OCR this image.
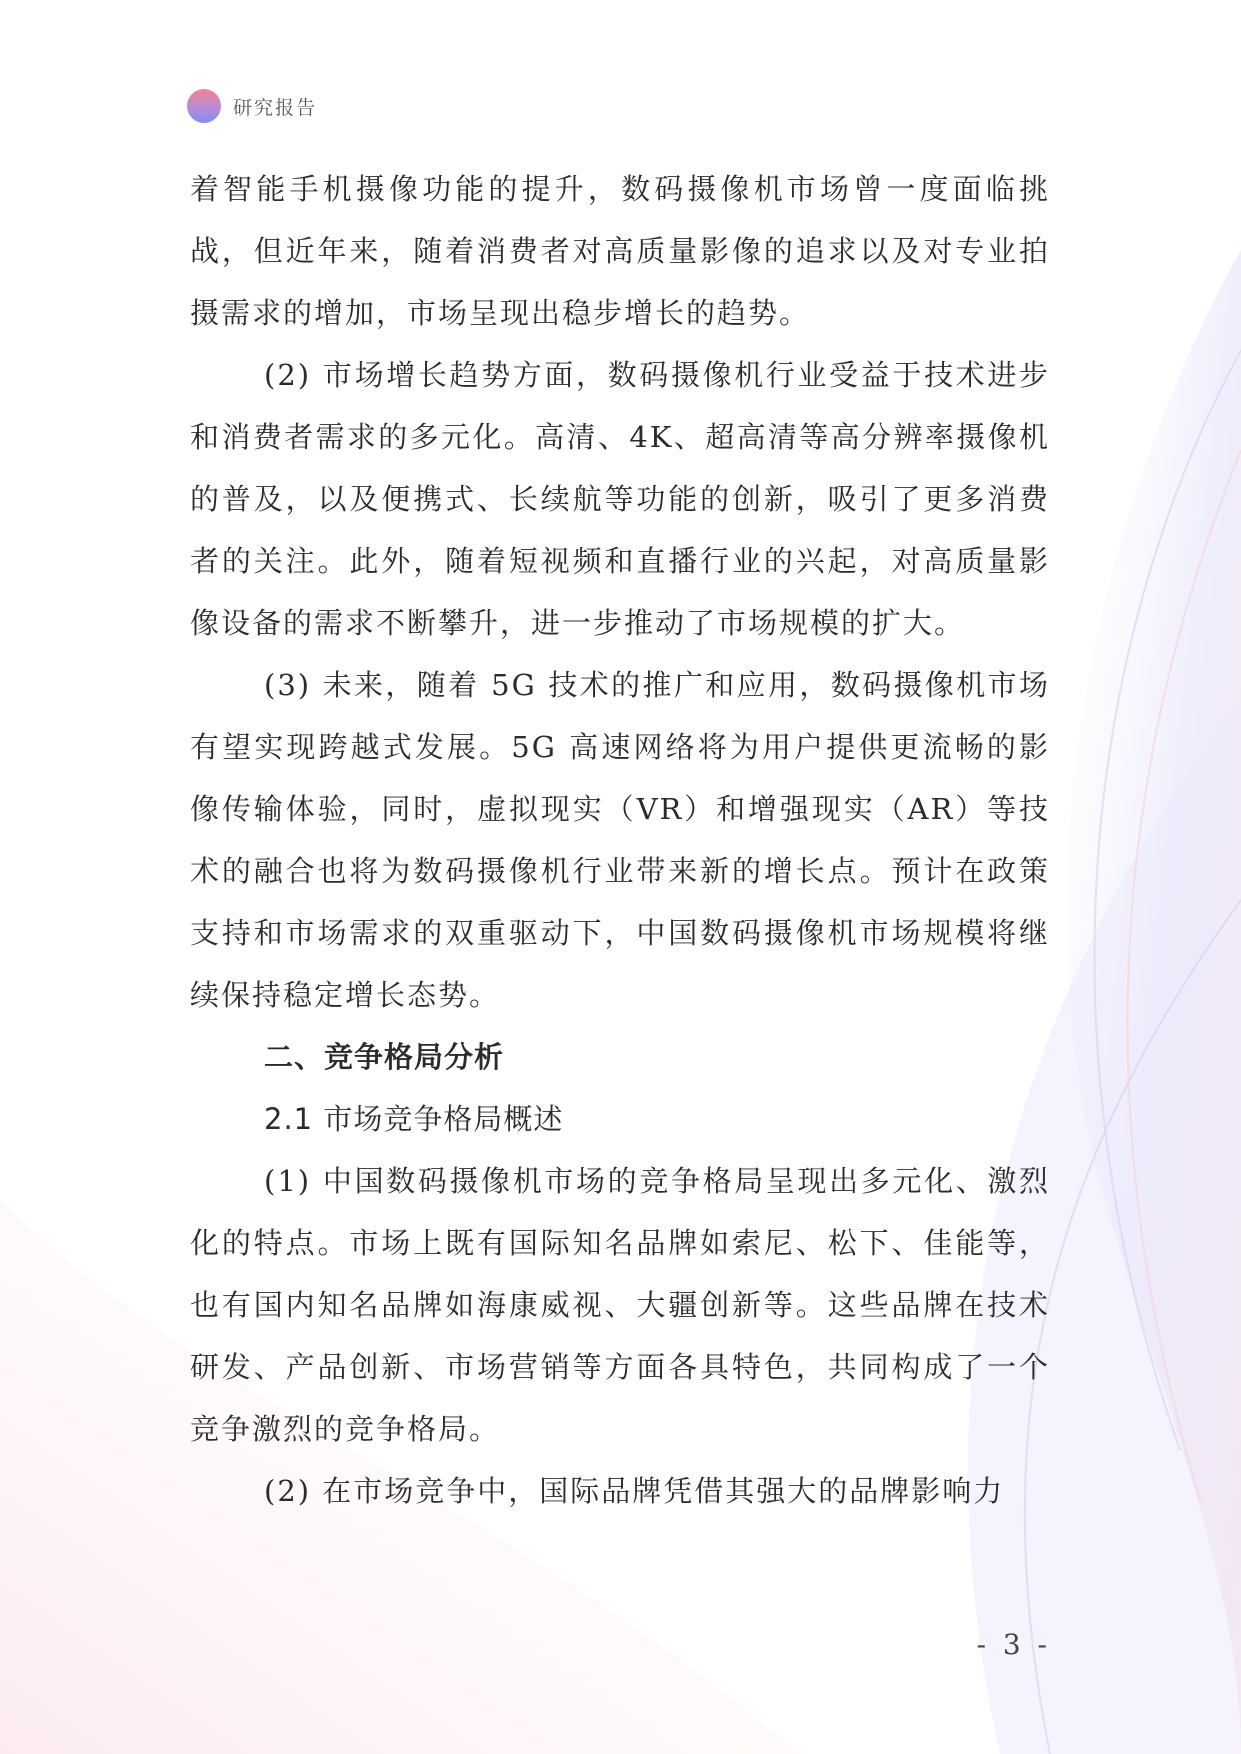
研究报告

着智能手机摄像功能的提升，数码摄像机市场曾一度面临挑战，但近年来，随着消费者对高质量影像的追求以及对专业拍摄需求的增加，市场呈现出稳步增长的趋势。

(2) 市场增长趋势方面，数码摄像机行业受益于技术进步和消费者需求的多元化。高清、4K、超高清等高分辨率摄像机的普及，以及便携式、长续航等功能的创新，吸引了更多消费者的关注。此外，随着短视频和直播行业的兴起，对高质量影像设备的需求不断攀升，进一步推动了市场规模的扩大。

(3) 未来，随着 5G 技术的推广和应用，数码摄像机市场有望实现跨越式发展。5G 高速网络将为用户提供更流畅的影像传输体验，同时，虚拟现实（VR）和增强现实（AR）等技术的融合也将为数码摄像机行业带来新的增长点。预计在政策支持和市场需求的双重驱动下，中国数码摄像机市场规模将继续保持稳定增长态势。

二、竞争格局分析
2.1 市场竞争格局概述

(1) 中国数码摄像机市场的竞争格局呈现出多元化、激烈化的特点。市场上既有国际知名品牌如索尼、松下、佳能等，也有国内知名品牌如海康威视、大疆创新等。这些品牌在技术研发、产品创新、市场营销等方面各具特色，共同构成了一个竞争激烈的竞争格局。

(2) 在市场竞争中，国际品牌凭借其强大的品牌影响力

- 3 -
